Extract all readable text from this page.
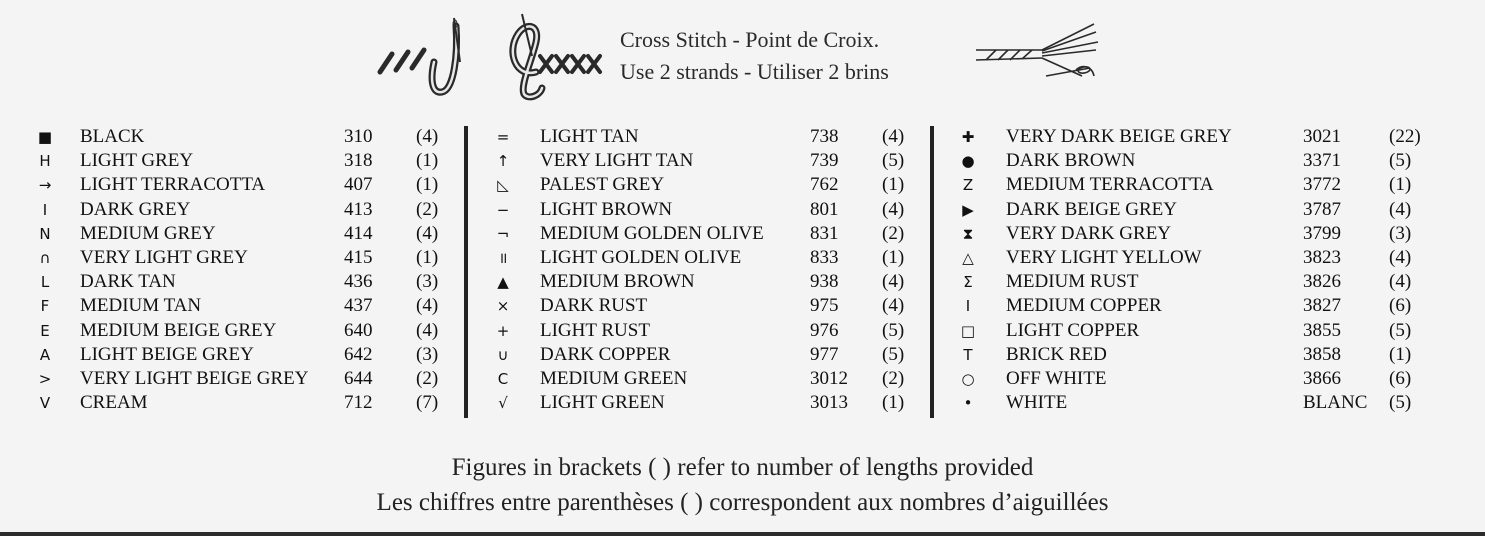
Cross Stitch - Point de Croix.
Use 2 strands - Utiliser 2 brins
■	BLACK	310 (4)
H	LIGHT GREY	318 (1)
→	LIGHT TERRACOTTA	407 (1)
I	DARK GREY	413 (2)
N	MEDIUM GREY	414 (4)
∩	VERY LIGHT GREY	415 (1)
L	DARK TAN	436 (3)
F	MEDIUM TAN	437 (4)
E	MEDIUM BEIGE GREY	640 (4)
A	LIGHT BEIGE GREY	642 (3)
>	VERY LIGHT BEIGE GREY 644 (2)
V	CREAM	712 (7)
=	LIGHT TAN	738 (4)
↑	VERY LIGHT TAN	739 (5)
◺	PALEST GREY	762 (1)
−	LIGHT BROWN	801 (4)
¬	MEDIUM GOLDEN OLIVE 831 (2)
॥	LIGHT GOLDEN OLIVE	833 (1)
▲	MEDIUM BROWN	938 (4)
×	DARK RUST	975 (4)
+	LIGHT RUST	976 (5)
∪	DARK COPPER	977 (5)
C	MEDIUM GREEN	3012 (2)
√	LIGHT GREEN	3013 (1)
✚	VERY DARK BEIGE GREY	3021	(22)
●	DARK BROWN	3371	(5)
Z	MEDIUM TERRACOTTA	3772	(1)
▶	DARK BEIGE GREY	3787	(4)
⧗	VERY DARK GREY	3799	(3)
△	VERY LIGHT YELLOW	3823	(4)
Σ	MEDIUM RUST	3826	(4)
I	MEDIUM COPPER	3827	(6)
□	LIGHT COPPER	3855	(5)
T	BRICK RED	3858	(1)
○	OFF WHITE	3866	(6)
•	WHITE	BLANC (5)
Figures in brackets ( ) refer to number of lengths provided
Les chiffres entre parenthèses ( ) correspondent aux nombres d’aiguillées
